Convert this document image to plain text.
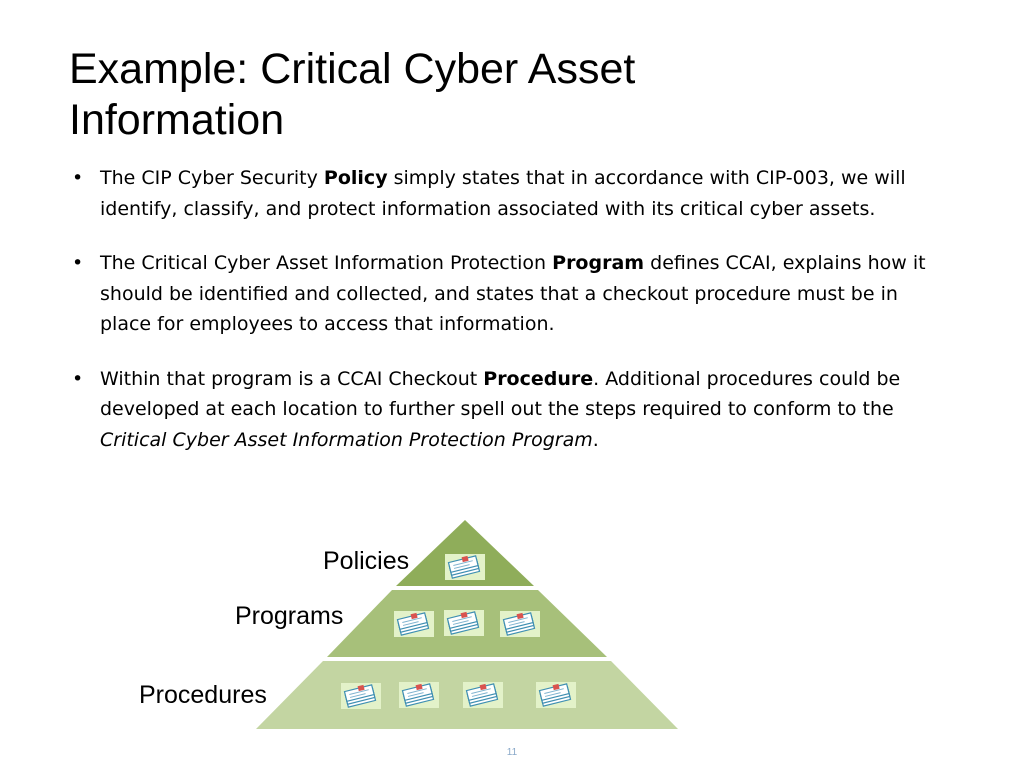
Example: Critical Cyber Asset Information
• The CIP Cyber Security Policy simply states that in accordance with CIP-003, we will identify, classify, and protect information associated with its critical cyber assets.
• The Critical Cyber Asset Information Protection Program defines CCAI, explains how it should be identified and collected, and states that a checkout procedure must be in place for employees to access that information.
• Within that program is a CCAI Checkout Procedure. Additional procedures could be developed at each location to further spell out the steps required to conform to the Critical Cyber Asset Information Protection Program.
Policies
Programs
Procedures
11
